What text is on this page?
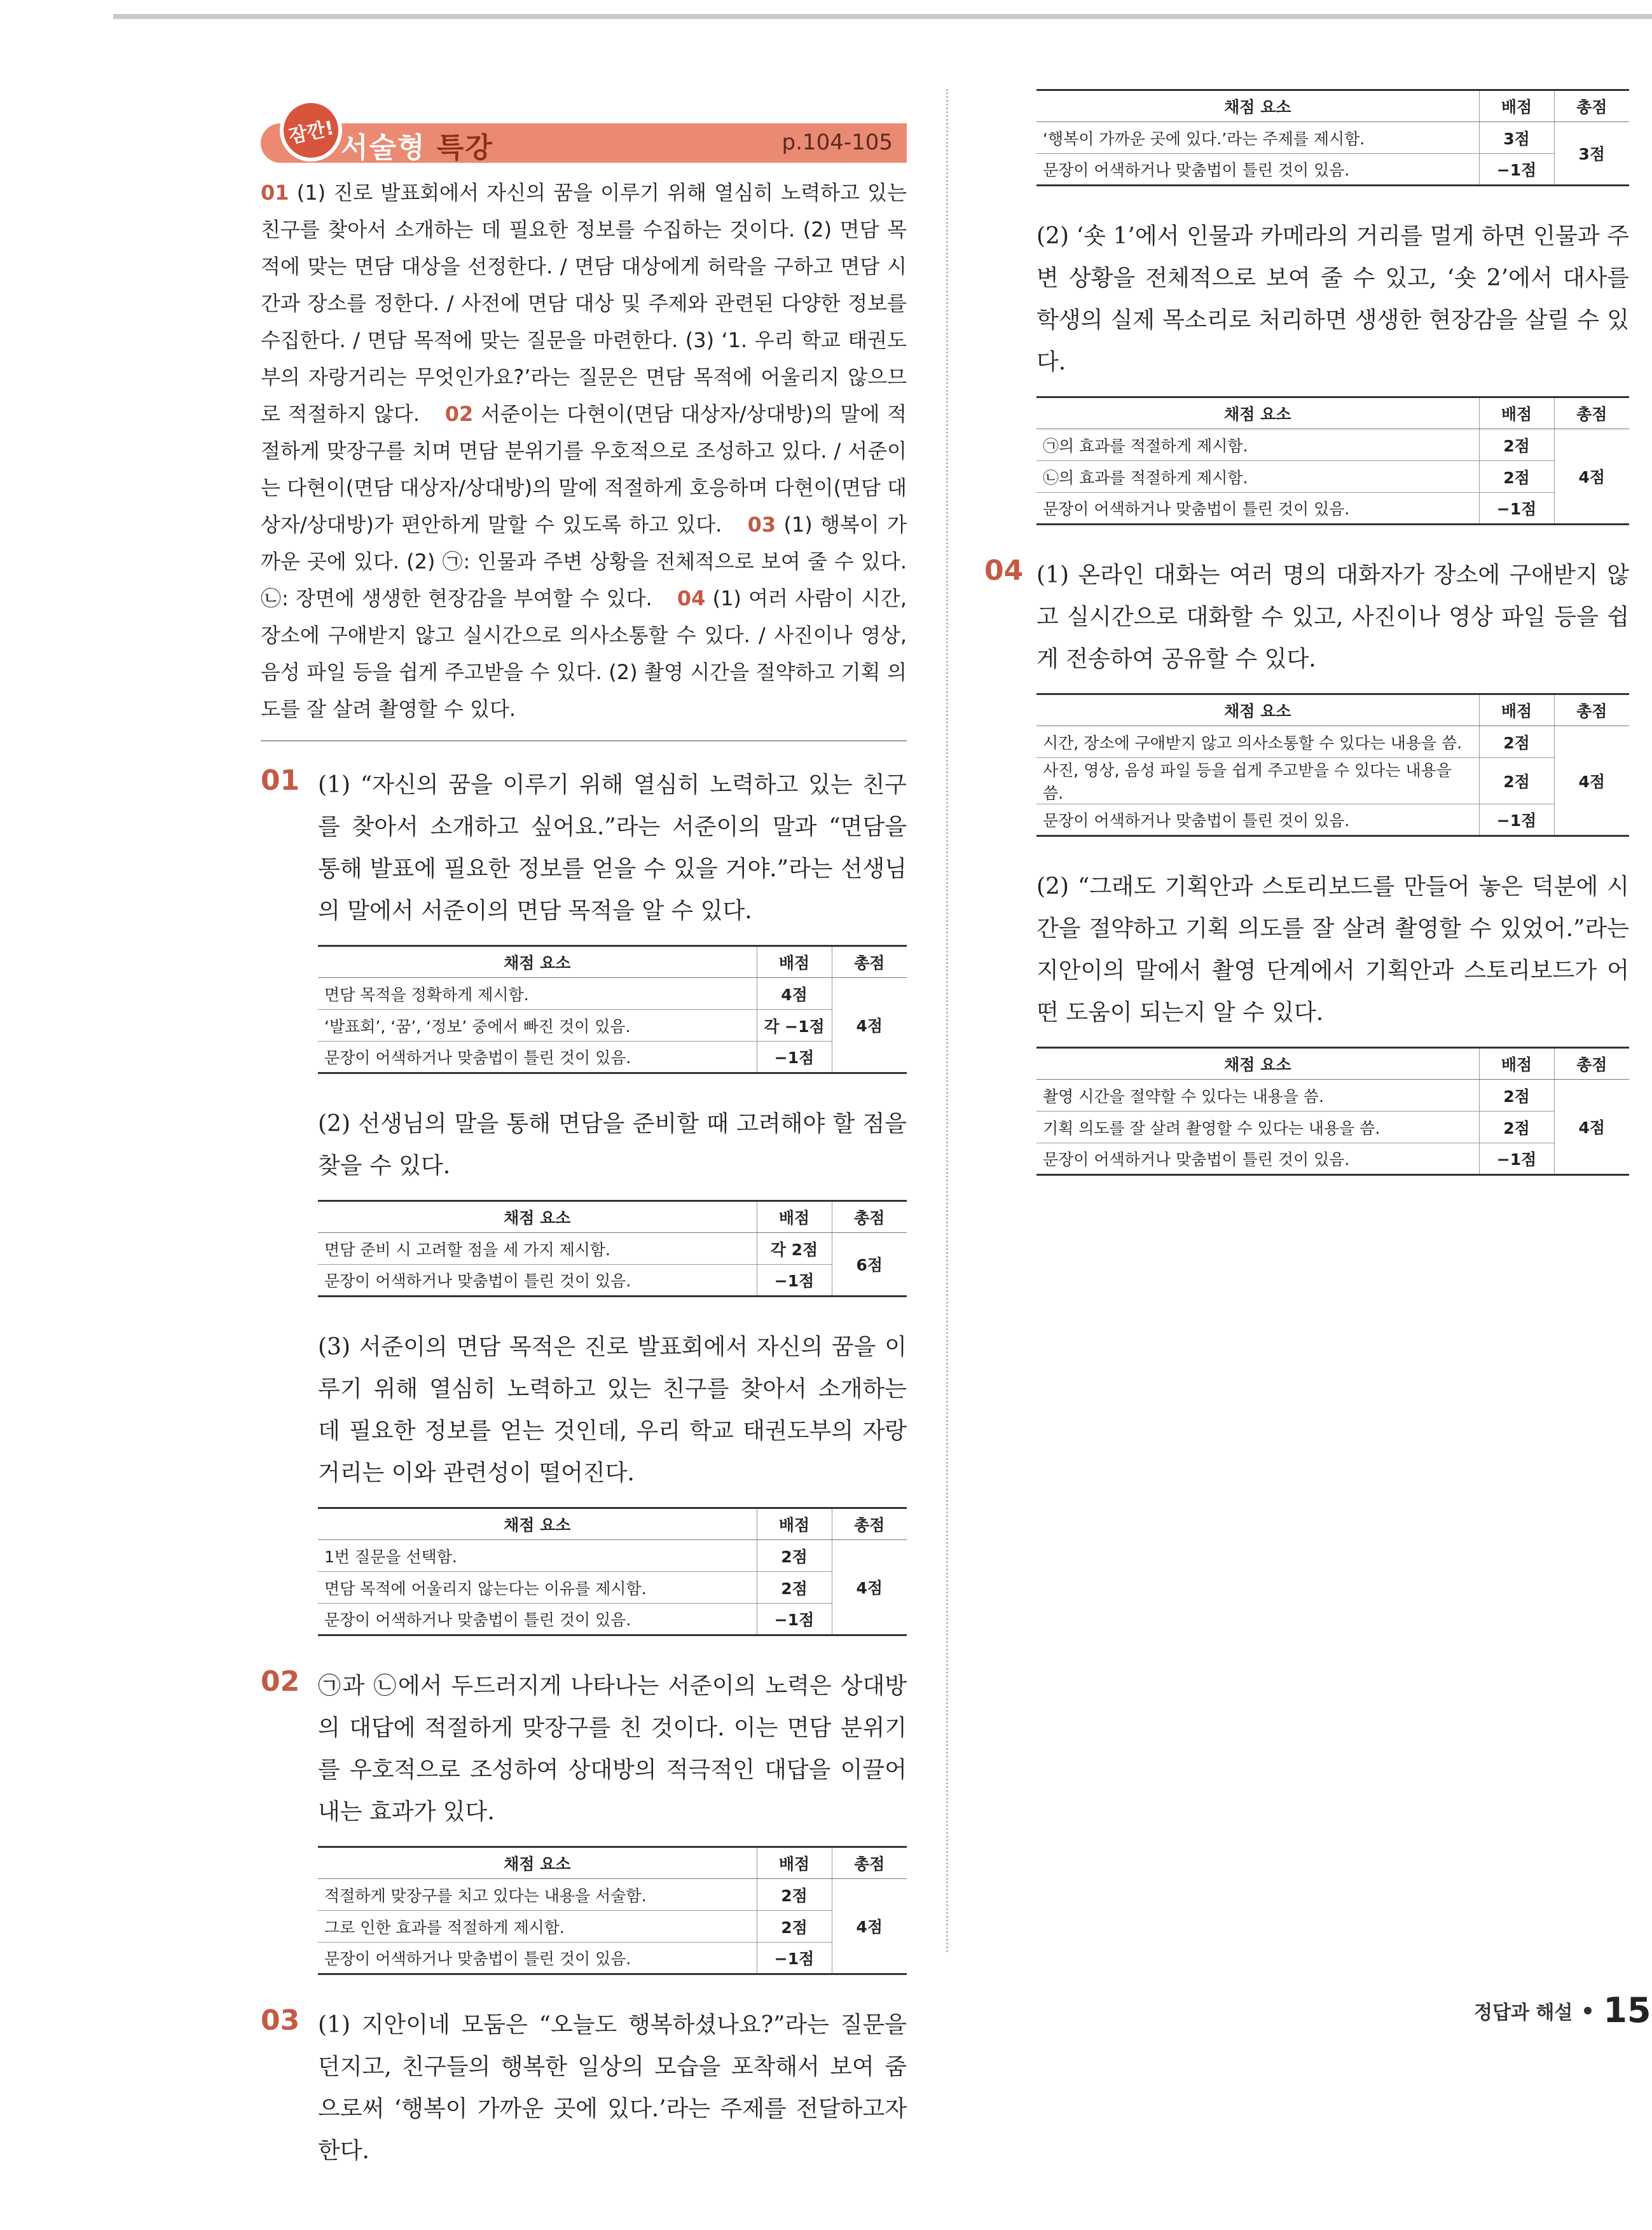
잠깐! 서술형 특강	p.104-105
01 (1) 진로 발표회에서 자신의 꿈을 이루기 위해 열심히 노력하고 있는 친구를 찾아서 소개하는 데 필요한 정보를 수집하는 것이다. (2) 면담 목적에 맞는 면담 대상을 선정한다. / 면담 대상에게 허락을 구하고 면담 시간과 장소를 정한다. / 사전에 면담 대상 및 주제와 관련된 다양한 정보를 수집한다. / 면담 목적에 맞는 질문을 마련한다. (3) ‘1. 우리 학교 태권도부의 자랑거리는 무엇인가요?’라는 질문은 면담 목적에 어울리지 않으므로 적절하지 않다. 02 서준이는 다현이(면담 대상자/상대방)의 말에 적절하게 맞장구를 치며 면담 분위기를 우호적으로 조성하고 있다. / 서준이는 다현이(면담 대상자/상대방)의 말에 적절하게 호응하며 다현이(면담 대상자/상대방)가 편안하게 말할 수 있도록 하고 있다. 03 (1) 행복이 가까운 곳에 있다. (2) ㉠: 인물과 주변 상황을 전체적으로 보여 줄 수 있다. ㉡: 장면에 생생한 현장감을 부여할 수 있다. 04 (1) 여러 사람이 시간, 장소에 구애받지 않고 실시간으로 의사소통할 수 있다. / 사진이나 영상, 음성 파일 등을 쉽게 주고받을 수 있다. (2) 촬영 시간을 절약하고 기획 의도를 잘 살려 촬영할 수 있다.
01 (1) “자신의 꿈을 이루기 위해 열심히 노력하고 있는 친구를 찾아서 소개하고 싶어요.”라는 서준이의 말과 “면담을 통해 발표에 필요한 정보를 얻을 수 있을 거야.”라는 선생님의 말에서 서준이의 면담 목적을 알 수 있다.

채점 요소	배점	총점
면담 목적을 정확하게 제시함.	4점	4점
‘발표회’, ‘꿈’, ‘정보’ 중에서 빠진 것이 있음.	각 −1점	
문장이 어색하거나 맞춤법이 틀린 것이 있음.	−1점	

(2) 선생님의 말을 통해 면담을 준비할 때 고려해야 할 점을 찾을 수 있다.

채점 요소	배점	총점
면담 준비 시 고려할 점을 세 가지 제시함.	각 2점	6점
문장이 어색하거나 맞춤법이 틀린 것이 있음.	−1점	

(3) 서준이의 면담 목적은 진로 발표회에서 자신의 꿈을 이루기 위해 열심히 노력하고 있는 친구를 찾아서 소개하는 데 필요한 정보를 얻는 것인데, 우리 학교 태권도부의 자랑거리는 이와 관련성이 떨어진다.

채점 요소	배점	총점
1번 질문을 선택함.	2점	4점
면담 목적에 어울리지 않는다는 이유를 제시함.	2점	
문장이 어색하거나 맞춤법이 틀린 것이 있음.	−1점	
02 ㉠과 ㉡에서 두드러지게 나타나는 서준이의 노력은 상대방의 대답에 적절하게 맞장구를 친 것이다. 이는 면담 분위기를 우호적으로 조성하여 상대방의 적극적인 대답을 이끌어 내는 효과가 있다.

채점 요소	배점	총점
적절하게 맞장구를 치고 있다는 내용을 서술함.	2점	4점
그로 인한 효과를 적절하게 제시함.	2점	
문장이 어색하거나 맞춤법이 틀린 것이 있음.	−1점	
03 (1) 지안이네 모둠은 “오늘도 행복하셨나요?”라는 질문을 던지고, 친구들의 행복한 일상의 모습을 포착해서 보여 줌으로써 ‘행복이 가까운 곳에 있다.’라는 주제를 전달하고자 한다.

채점 요소	배점	총점
‘행복이 가까운 곳에 있다.’라는 주제를 제시함.	3점	3점
문장이 어색하거나 맞춤법이 틀린 것이 있음.	−1점	

(2) ‘숏 1’에서 인물과 카메라의 거리를 멀게 하면 인물과 주변 상황을 전체적으로 보여 줄 수 있고, ‘숏 2’에서 대사를 학생의 실제 목소리로 처리하면 생생한 현장감을 살릴 수 있다.

채점 요소	배점	총점
㉠의 효과를 적절하게 제시함.	2점	4점
㉡의 효과를 적절하게 제시함.	2점	
문장이 어색하거나 맞춤법이 틀린 것이 있음.	−1점	
04 (1) 온라인 대화는 여러 명의 대화자가 장소에 구애받지 않고 실시간으로 대화할 수 있고, 사진이나 영상 파일 등을 쉽게 전송하여 공유할 수 있다.

채점 요소	배점	총점
시간, 장소에 구애받지 않고 의사소통할 수 있다는 내용을 씀.	2점	4점
사진, 영상, 음성 파일 등을 쉽게 주고받을 수 있다는 내용을 씀.	2점	
문장이 어색하거나 맞춤법이 틀린 것이 있음.	−1점	

(2) “그래도 기획안과 스토리보드를 만들어 놓은 덕분에 시간을 절약하고 기획 의도를 잘 살려 촬영할 수 있었어.”라는 지안이의 말에서 촬영 단계에서 기획안과 스토리보드가 어떤 도움이 되는지 알 수 있다.

채점 요소	배점	총점
촬영 시간을 절약할 수 있다는 내용을 씀.	2점	4점
기획 의도를 잘 살려 촬영할 수 있다는 내용을 씀.	2점	
문장이 어색하거나 맞춤법이 틀린 것이 있음.	−1점	
정답과 해설 15
